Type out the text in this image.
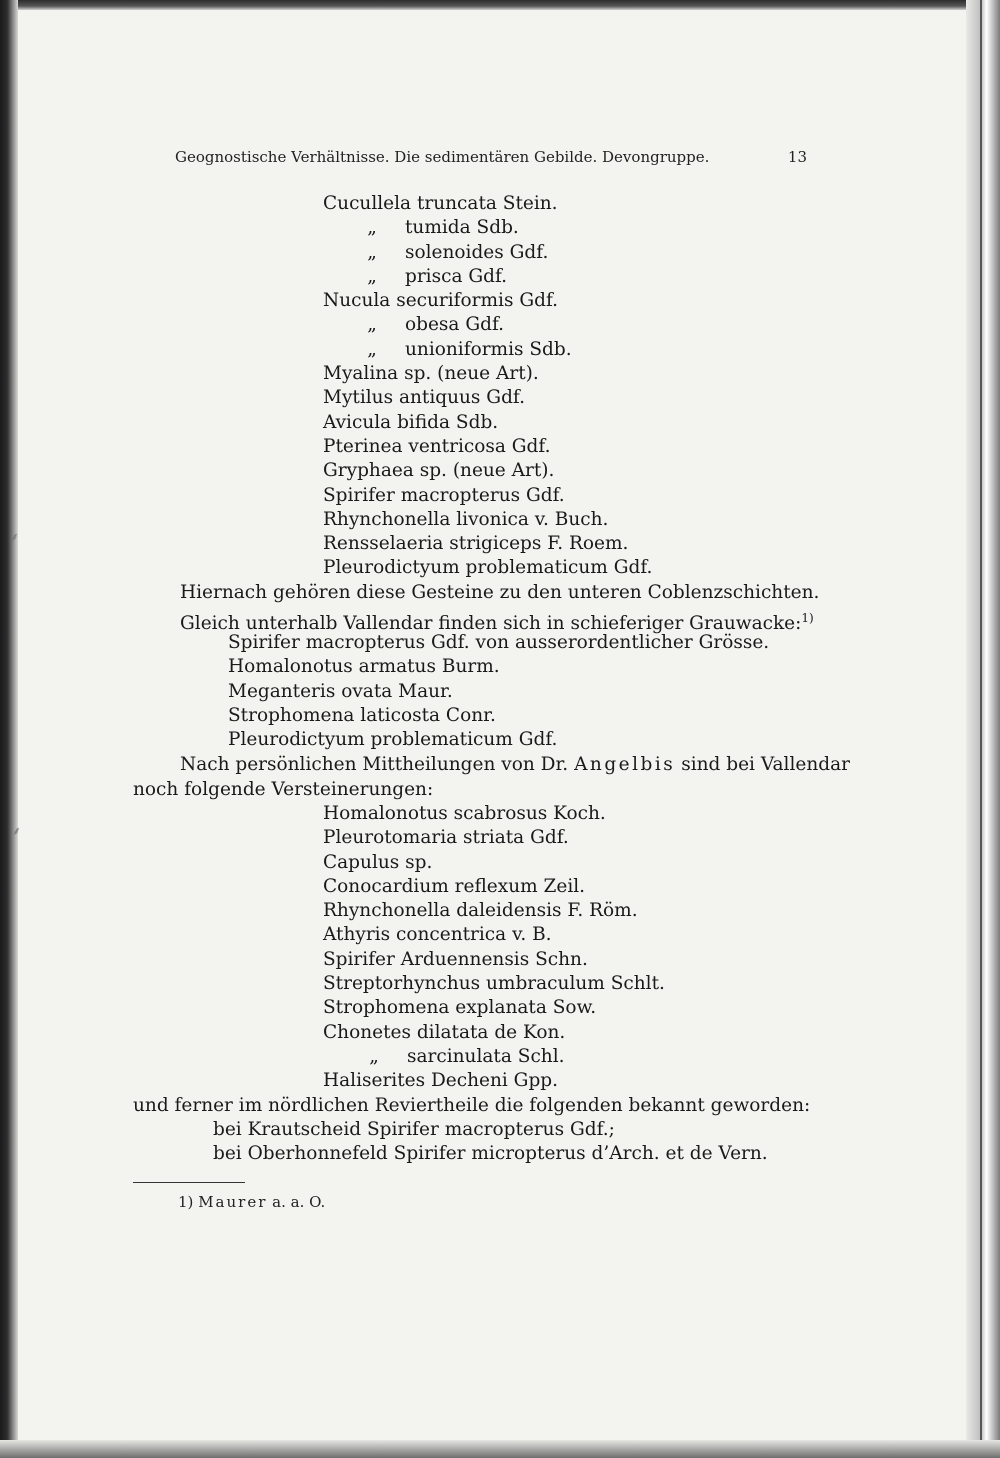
⸙
⸙
Geognostische Verhältnisse. Die sedimentären Gebilde. Devongruppe.	13
Cucullela truncata Stein.
„ tumida Sdb.
„ solenoides Gdf.
„ prisca Gdf.
Nucula securiformis Gdf.
„ obesa Gdf.
„ unioniformis Sdb.
Myalina sp. (neue Art).
Mytilus antiquus Gdf.
Avicula bifida Sdb.
Pterinea ventricosa Gdf.
Gryphaea sp. (neue Art).
Spirifer macropterus Gdf.
Rhynchonella livonica v. Buch.
Rensselaeria strigiceps F. Roem.
Pleurodictyum problematicum Gdf.
Hiernach gehören diese Gesteine zu den unteren Coblenzschichten.
Gleich unterhalb Vallendar finden sich in schieferiger Grauwacke:$^{1)}$
Spirifer macropterus Gdf. von ausserordentlicher Grösse.
Homalonotus armatus Burm.
Meganteris ovata Maur.
Strophomena laticosta Conr.
Pleurodictyum problematicum Gdf.
Nach persönlichen Mittheilungen von Dr. Angelbis sind bei Vallendar
noch folgende Versteinerungen:
Homalonotus scabrosus Koch.
Pleurotomaria striata Gdf.
Capulus sp.
Conocardium reflexum Zeil.
Rhynchonella daleidensis F. Röm.
Athyris concentrica v. B.
Spirifer Arduennensis Schn.
Streptorhynchus umbraculum Schlt.
Strophomena explanata Sow.
Chonetes dilatata de Kon.
„ sarcinulata Schl.
Haliserites Decheni Gpp.
und ferner im nördlichen Reviertheile die folgenden bekannt geworden:
bei Krautscheid Spirifer macropterus Gdf.;
bei Oberhonnefeld Spirifer micropterus d’Arch. et de Vern.
1) Maurer a. a. O.
